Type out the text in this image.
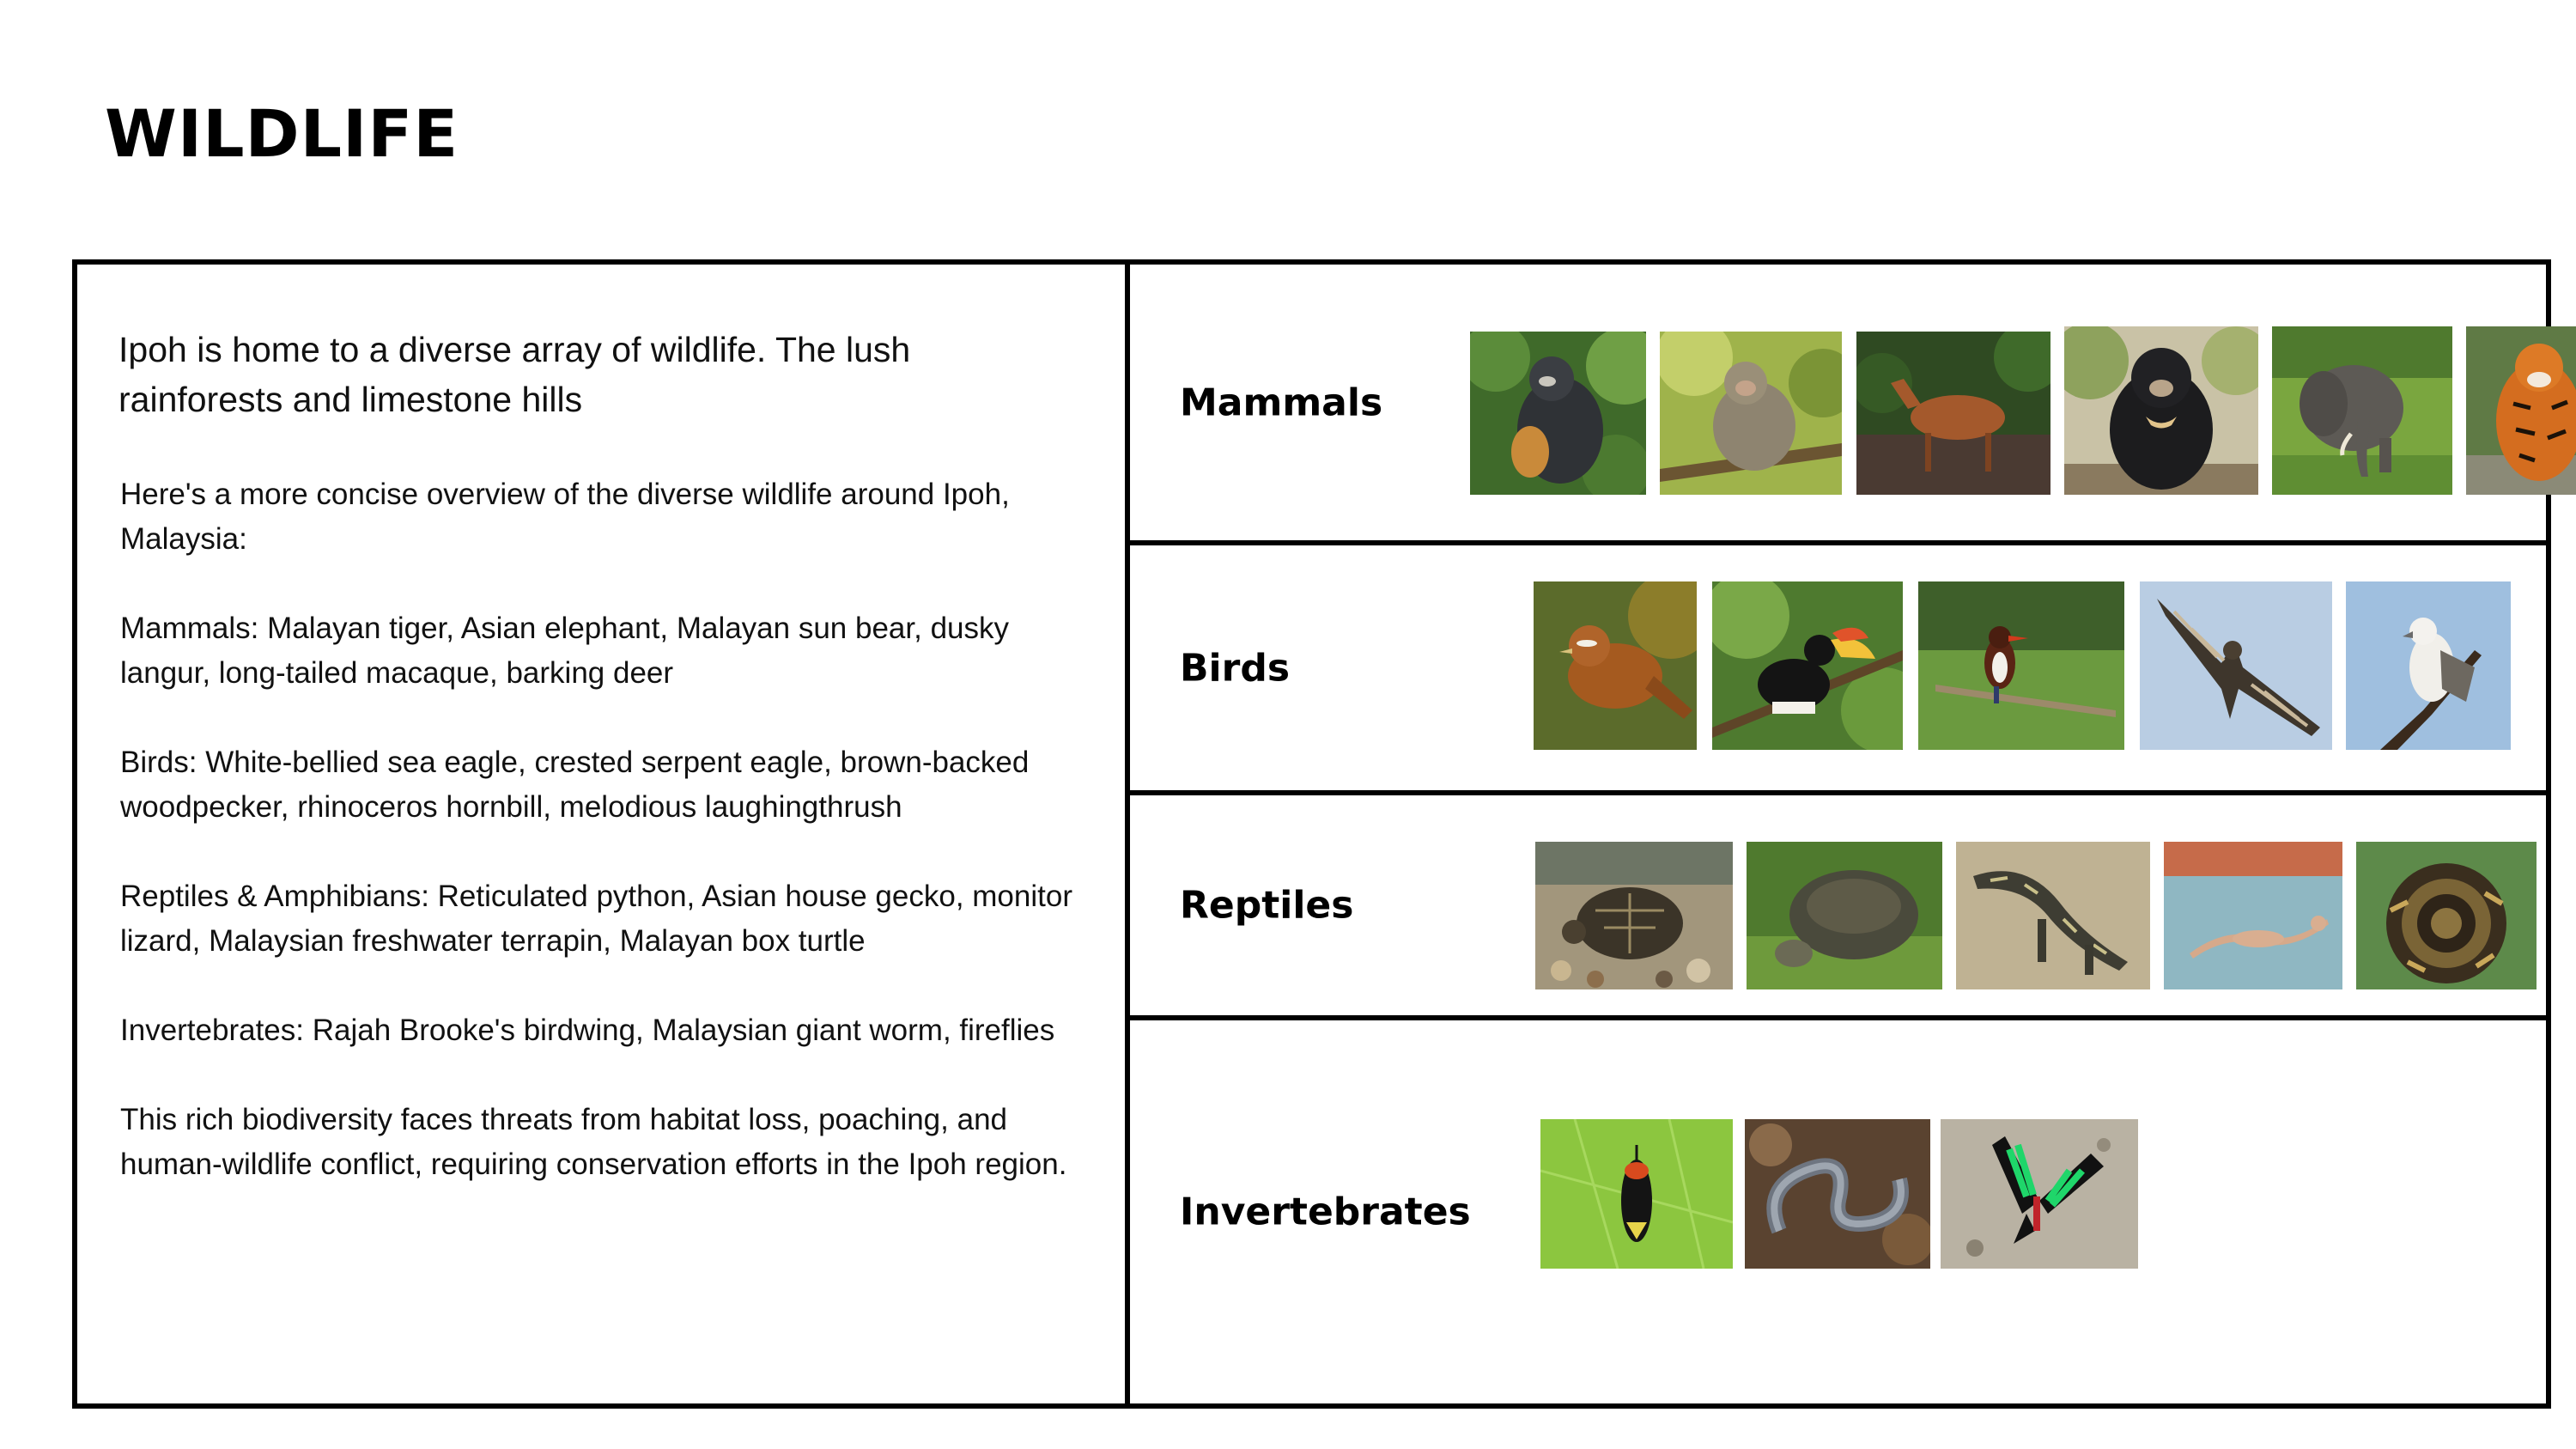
WILDLIFE

Ipoh is home to a diverse array of wildlife. The lush rainforests and limestone hills

Here's a more concise overview of the diverse wildlife around Ipoh, Malaysia:

Mammals: Malayan tiger, Asian elephant, Malayan sun bear, dusky langur, long-tailed macaque, barking deer

Birds: White-bellied sea eagle, crested serpent eagle, brown-backed woodpecker, rhinoceros hornbill, melodious laughingthrush

Reptiles & Amphibians: Reticulated python, Asian house gecko, monitor lizard, Malaysian freshwater terrapin, Malayan box turtle

Invertebrates: Rajah Brooke's birdwing, Malaysian giant worm, fireflies

This rich biodiversity faces threats from habitat loss, poaching, and human-wildlife conflict, requiring conservation efforts in the Ipoh region.

Mammals
Birds
Reptiles
Invertebrates
